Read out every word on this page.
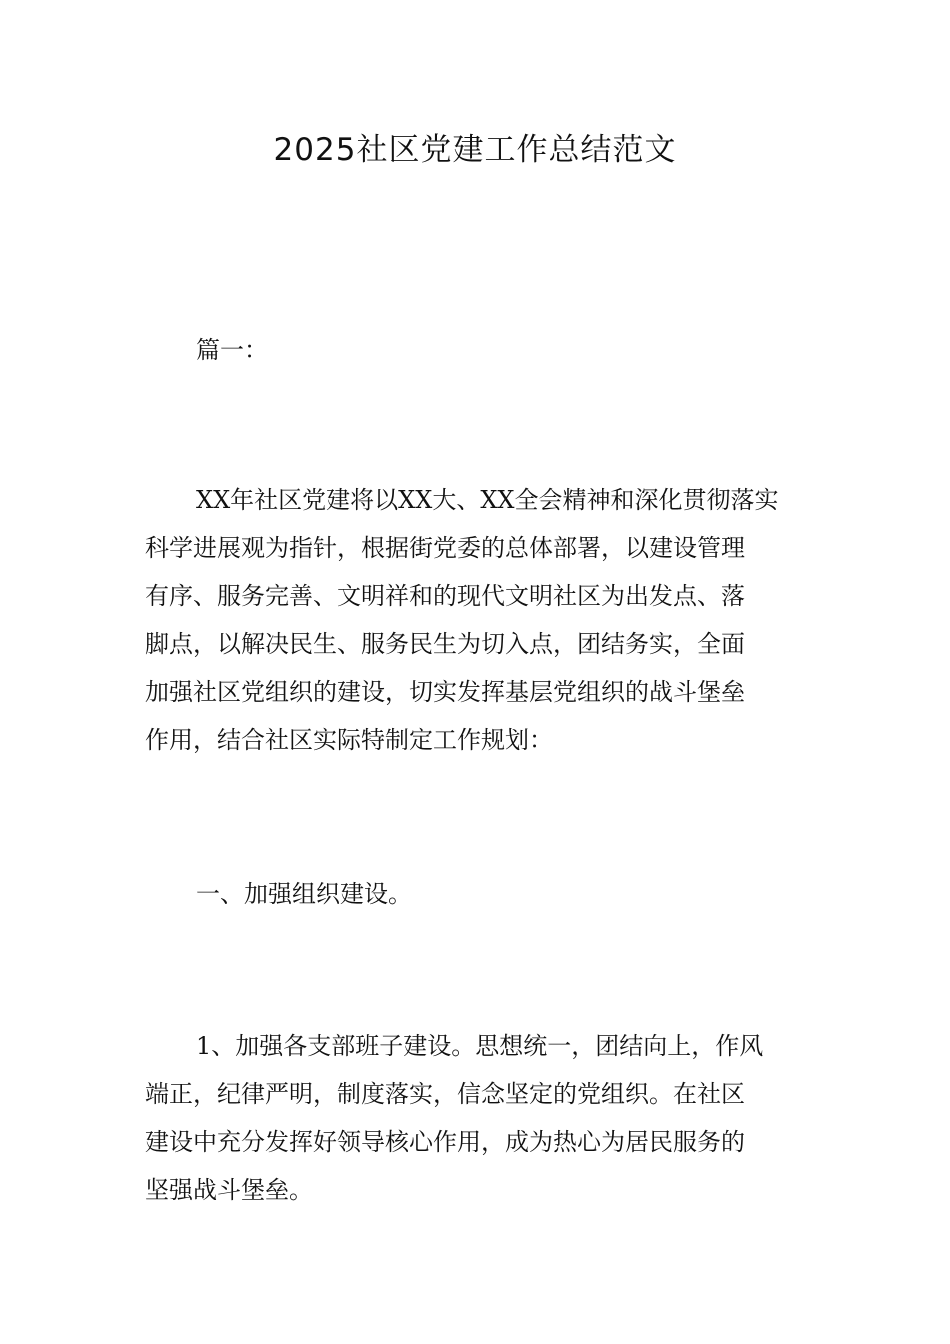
2025社区党建工作总结范文
篇一：
XX年社区党建将以XX大、XX全会精神和深化贯彻落实
科学进展观为指针，根据街党委的总体部署，以建设管理
有序、服务完善、文明祥和的现代文明社区为出发点、落
脚点，以解决民生、服务民生为切入点，团结务实，全面
加强社区党组织的建设，切实发挥基层党组织的战斗堡垒
作用，结合社区实际特制定工作规划：
一、加强组织建设。
1、加强各支部班子建设。思想统一，团结向上，作风
端正，纪律严明，制度落实，信念坚定的党组织。在社区
建设中充分发挥好领导核心作用，成为热心为居民服务的
坚强战斗堡垒。
